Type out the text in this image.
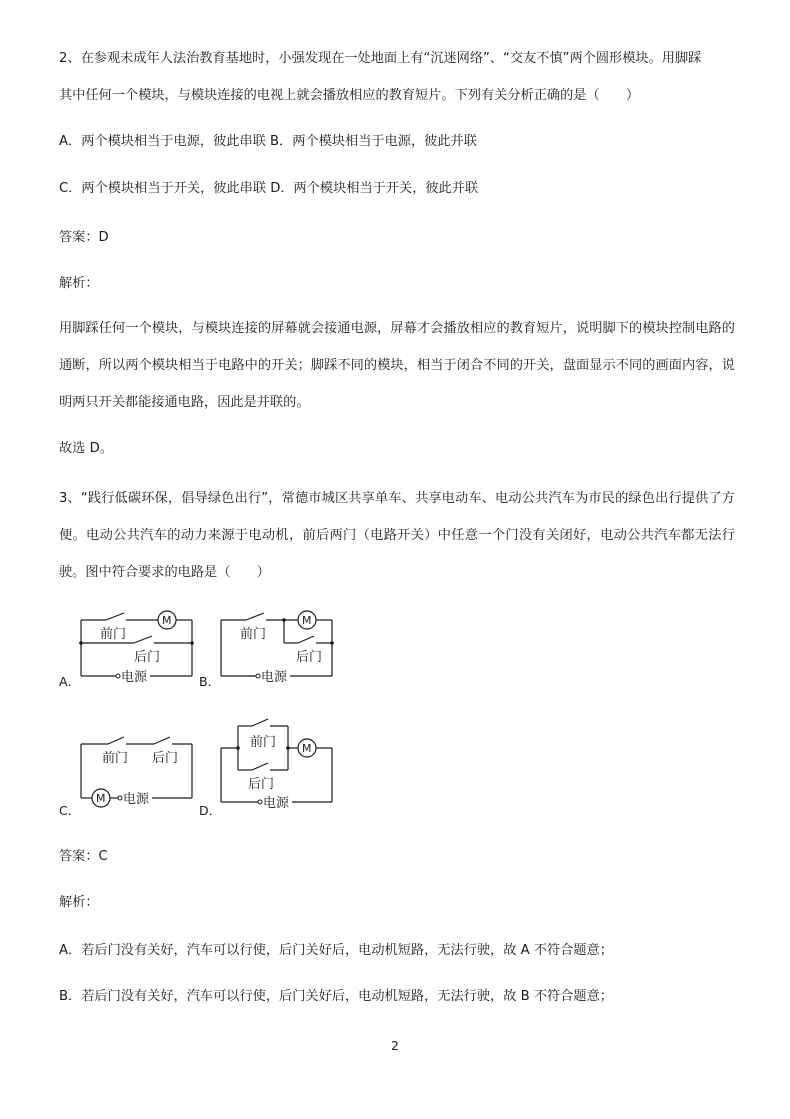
2、在参观未成年人法治教育基地时，小强发现在一处地面上有“沉迷网络”、“交友不慎”两个圆形模块。用脚踩
其中任何一个模块，与模块连接的电视上就会播放相应的教育短片。下列有关分析正确的是（　　）
A．两个模块相当于电源，彼此串联 B．两个模块相当于电源，彼此并联
C．两个模块相当于开关，彼此串联 D．两个模块相当于开关，彼此并联
答案：D
解析：
用脚踩任何一个模块，与模块连接的屏幕就会接通电源，屏幕才会播放相应的教育短片，说明脚下的模块控制电路的通断，所以两个模块相当于电路中的开关；脚踩不同的模块，相当于闭合不同的开关，盘面显示不同的画面内容，说明两只开关都能接通电路，因此是并联的。
故选 D。
3、“践行低碳环保，倡导绿色出行”，常德市城区共享单车、共享电动车、电动公共汽车为市民的绿色出行提供了方便。电动公共汽车的动力来源于电动机，前后两门（电路开关）中任意一个门没有关闭好，电动公共汽车都无法行驶。图中符合要求的电路是（　　）
A．	B．
C．	D．
M
前门
后门
电源
M
前门
后门
电源
M
前门 后门
电源
M
前门
后门
电源
答案：C
解析：
A．若后门没有关好，汽车可以行使，后门关好后，电动机短路，无法行驶，故 A 不符合题意；
B．若后门没有关好，汽车可以行使，后门关好后，电动机短路，无法行驶，故 B 不符合题意；
2
